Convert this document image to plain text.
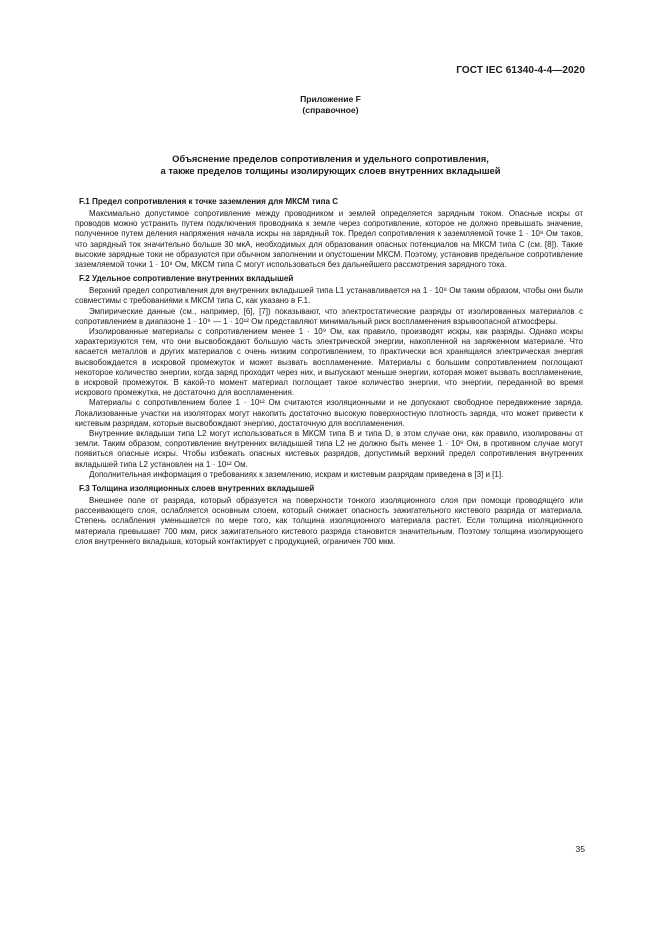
ГОСТ IEC 61340-4-4—2020
Приложение F
(справочное)
Объяснение пределов сопротивления и удельного сопротивления,
а также пределов толщины изолирующих слоев внутренних вкладышей
F.1 Предел сопротивления к точке заземления для МКСМ типа С

Максимально допустимое сопротивление между проводником и землей определяется зарядным током. Опасные искры от проводов можно устранить путем подключения проводника к земле через сопротивление, которое не должно превышать значение, полученное путем деления напряжения начала искры на зарядный ток. Предел сопротивления к заземляемой точке 1 · 10⁸ Ом таков, что зарядный ток значительно больше 30 мкА, необходимых для образования опасных потенциалов на МКСМ типа С (см. [8]). Такие высокие зарядные токи не образуются при обычном заполнении и опустошении МКСМ. Поэтому, установив предельное сопротивление заземляемой точки 1 · 10⁸ Ом, МКСМ типа С могут использоваться без дальнейшего рассмотрения зарядного тока.

F.2 Удельное сопротивление внутренних вкладышей

Верхний предел сопротивления для внутренних вкладышей типа L1 устанавливается на 1 · 10⁸ Ом таким образом, чтобы они были совместимы с требованиями к МКСМ типа С, как указано в F.1.

Эмпирические данные (см., например, [6], [7]) показывают, что электростатические разряды от изолированных материалов с сопротивлением в диапазоне 1 · 10⁹ — 1 · 10¹² Ом представляют минимальный риск воспламенения взрывоопасной атмосферы.

Изолированные материалы с сопротивлением менее 1 · 10⁹ Ом, как правило, производят искры, как разряды. Однако искры характеризуются тем, что они высвобождают большую часть электрической энергии, накопленной на заряженном материале. Что касается металлов и других материалов с очень низким сопротивлением, то практически вся хранящаяся электрическая энергия высвобождается в искровой промежуток и может вызвать воспламенение. Материалы с большим сопротивлением поглощают некоторое количество энергии, когда заряд проходит через них, и выпускают меньше энергии, которая может вызвать воспламенение, в искровой промежуток. В какой-то момент материал поглощает такое количество энергии, что энергии, переданной во время искрового промежутка, не достаточно для воспламенения.

Материалы с сопротивлением более 1 · 10¹² Ом считаются изоляционными и не допускают свободное передвижение заряда. Локализованные участки на изоляторах могут накопить достаточно высокую поверхностную плотность заряда, что может привести к кистевым разрядам, которые высвобождают энергию, достаточную для воспламенения.

Внутренние вкладыши типа L2 могут использоваться в МКСМ типа В и типа D, в этом случае они, как правило, изолированы от земли. Таким образом, сопротивление внутренних вкладышей типа L2 не должно быть менее 1 · 10⁹ Ом, в противном случае могут появиться опасные искры. Чтобы избежать опасных кистевых разрядов, допустимый верхний предел сопротивления внутренних вкладышей типа L2 установлен на 1 · 10¹² Ом.

Дополнительная информация о требованиях к заземлению, искрам и кистевым разрядам приведена в [3] и [1].

F.3 Толщина изоляционных слоев внутренних вкладышей

Внешнее поле от разряда, который образуется на поверхности тонкого изоляционного слоя при помощи проводящего или рассеивающего слоя, ослабляется основным слоем, который снижает опасность зажигательного кистевого разряда от материала. Степень ослабления уменьшается по мере того, как толщина изоляционного материала растет. Если толщина изоляционного материала превышает 700 мкм, риск зажигательного кистевого разряда становится значительным. Поэтому толщина изолирующего слоя внутреннего вкладыша, который контактирует с продукцией, ограничен 700 мкм.

35
